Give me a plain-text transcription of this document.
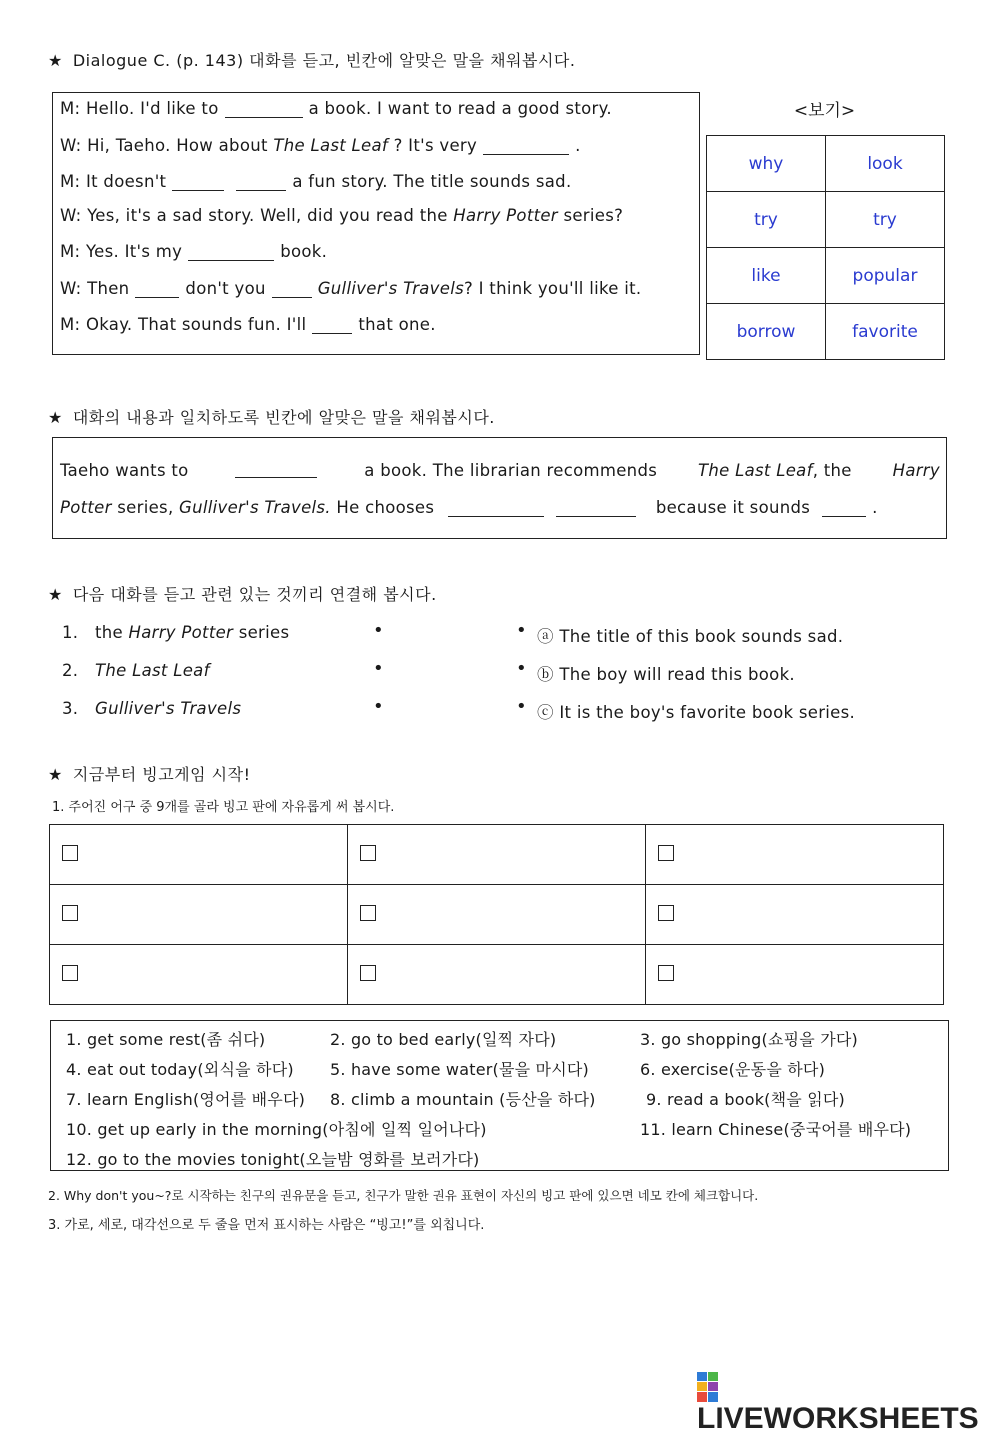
★ Dialogue C. (p. 143) 대화를 듣고, 빈칸에 알맞은 말을 채워봅시다.
M: Hello. I'd like to	a book. I want to read a good story.
W: Hi, Taeho. How about The Last Leaf ? It's very	.
M: It doesn't	a fun story. The title sounds sad.
W: Yes, it's a sad story. Well, did you read the Harry Potter series?
M: Yes. It's my	book.
W: Then	don't you	Gulliver's Travels? I think you'll like it.
M: Okay. That sounds fun. I'll	that one.
<보기>
why	look
try	try
like	popular
borrow	favorite
★ 대화의 내용과 일치하도록 빈칸에 알맞은 말을 채워봅시다.
Taeho wants to	a book. The librarian recommends The Last Leaf, the Harry
Potter series, Gulliver's Travels. He chooses	because it sounds	.
★ 다음 대화를 듣고 관련 있는 것끼리 연결해 봅시다.
1. the Harry Potter series
2. The Last Leaf
3. Gulliver's Travels
•
•
•
•
•
•
ⓐ The title of this book sounds sad.
ⓑ The boy will read this book.
ⓒ It is the boy's favorite book series.
★ 지금부터 빙고게임 시작!
1. 주어진 어구 중 9개를 골라 빙고 판에 자유롭게 써 봅시다.

1. get some rest(좀 쉬다)	2. go to bed early(일찍 자다)	3. go shopping(쇼핑을 가다)
4. eat out today(외식을 하다) 5. have some water(물을 마시다)	6. exercise(운동을 하다)
7. learn English(영어를 배우다) 8. climb a mountain (등산을 하다)	9. read a book(책을 읽다)
10. get up early in the morning(아침에 일찍 일어나다)	11. learn Chinese(중국어를 배우다)
12. go to the movies tonight(오늘밤 영화를 보러가다)
2. Why don't you~?로 시작하는 친구의 권유문을 듣고, 친구가 말한 권유 표현이 자신의 빙고 판에 있으면 네모 칸에 체크합니다.
3. 가로, 세로, 대각선으로 두 줄을 먼저 표시하는 사람은 “빙고!”를 외칩니다.
LIVEWORKSHEETS
